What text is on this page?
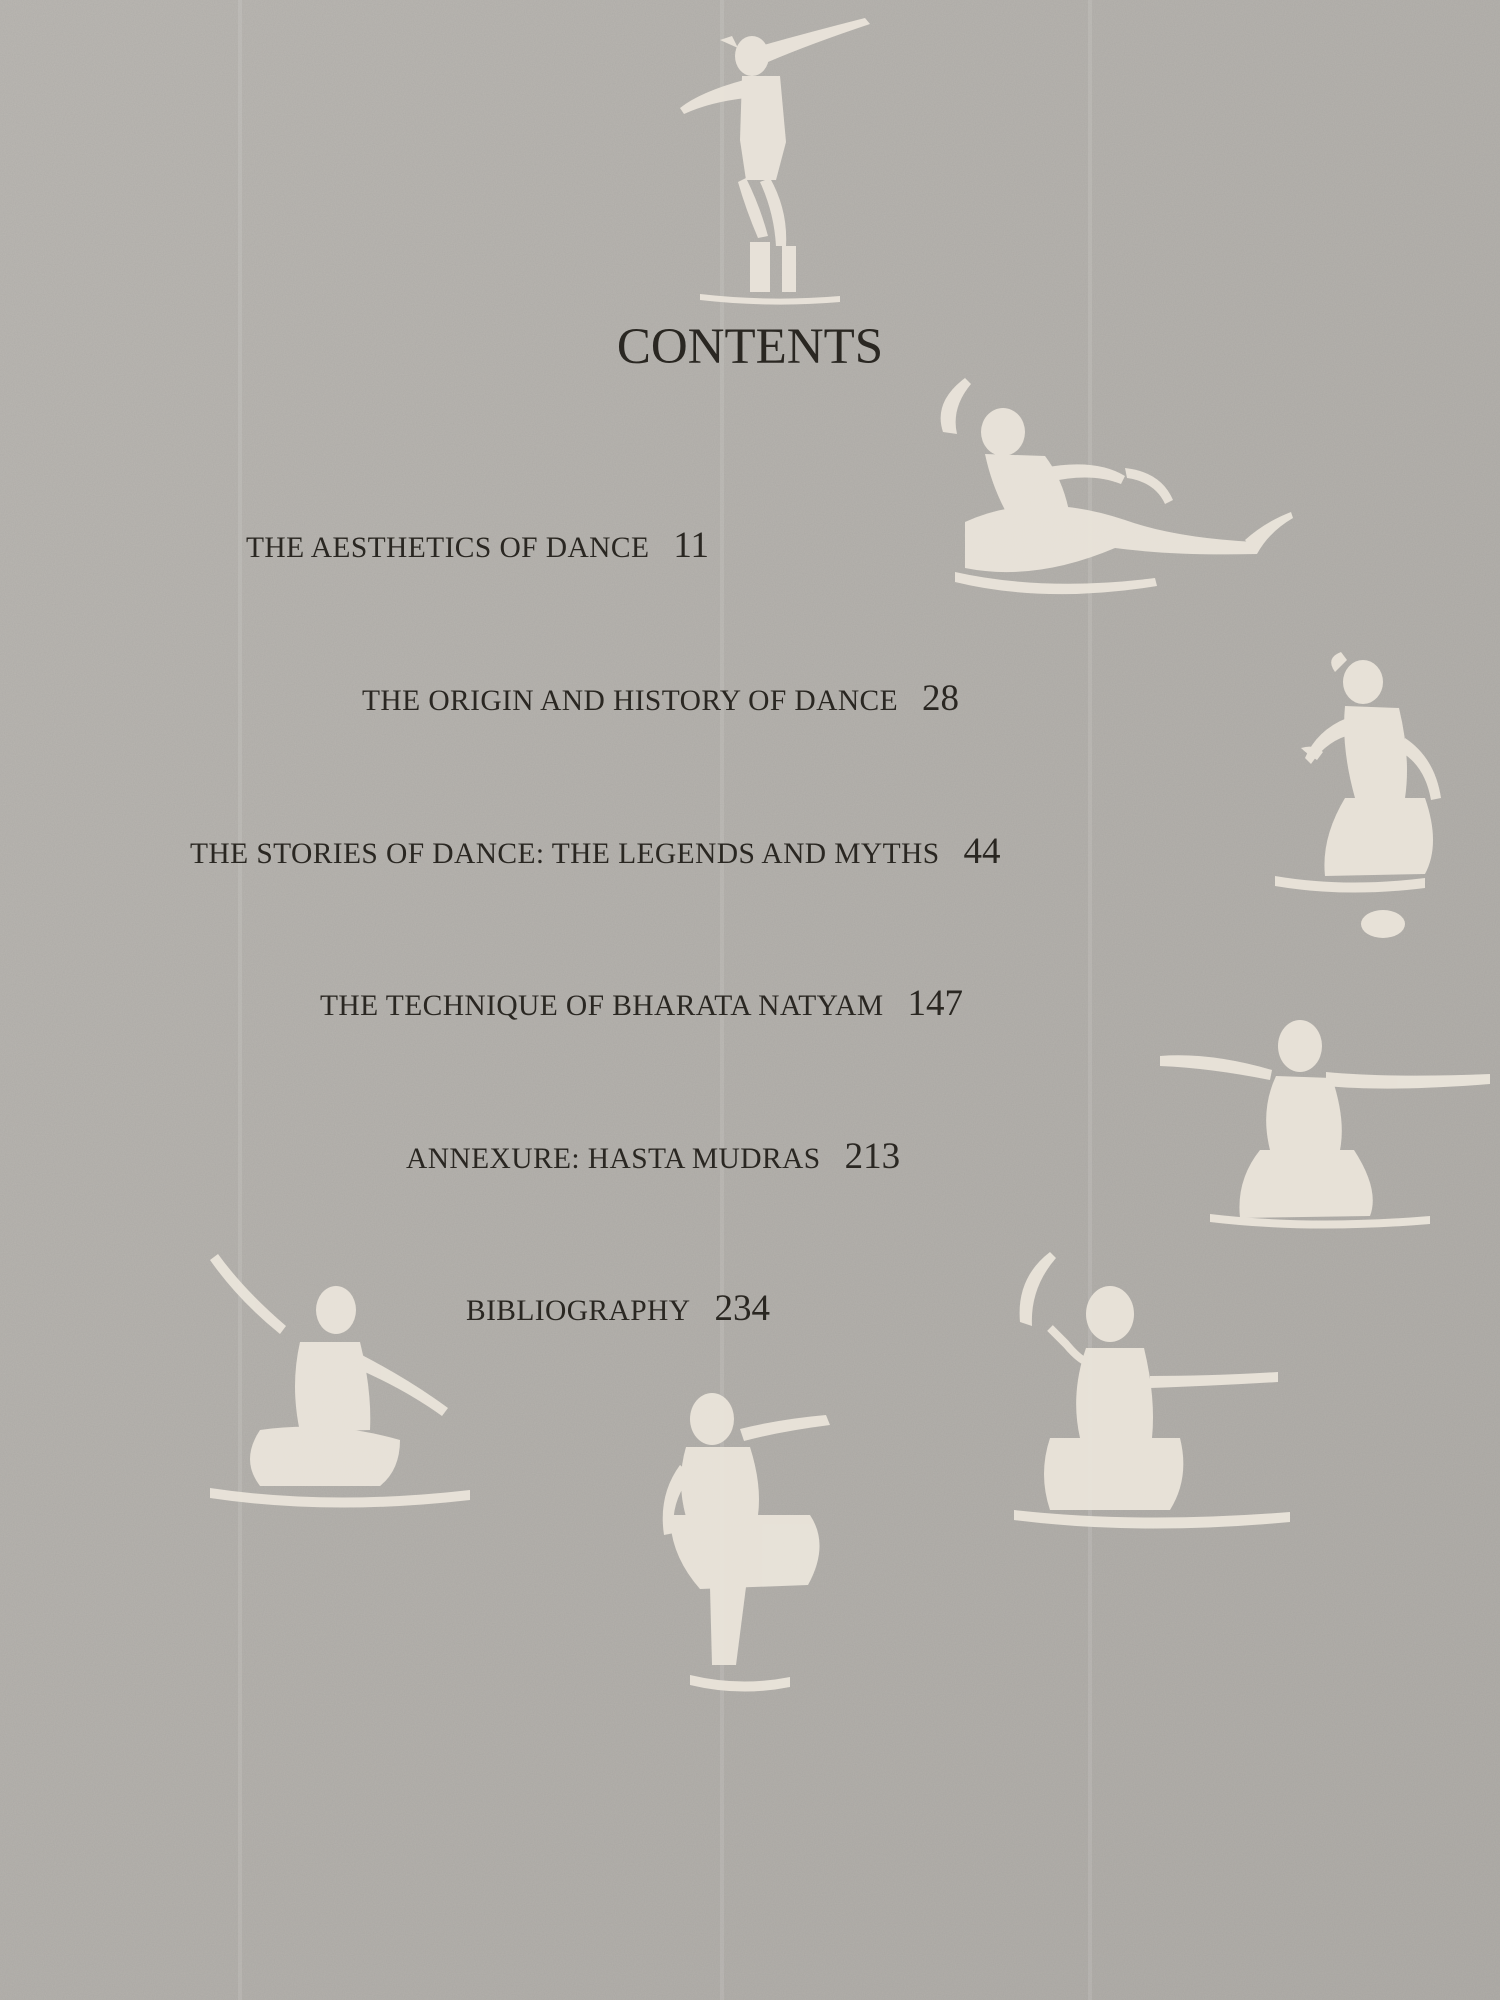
CONTENTS
THE AESTHETICS OF DANCE 11
THE ORIGIN AND HISTORY OF DANCE 28
THE STORIES OF DANCE: THE LEGENDS AND MYTHS 44
THE TECHNIQUE OF BHARATA NATYAM 147
ANNEXURE: HASTA MUDRAS 213
BIBLIOGRAPHY 234
